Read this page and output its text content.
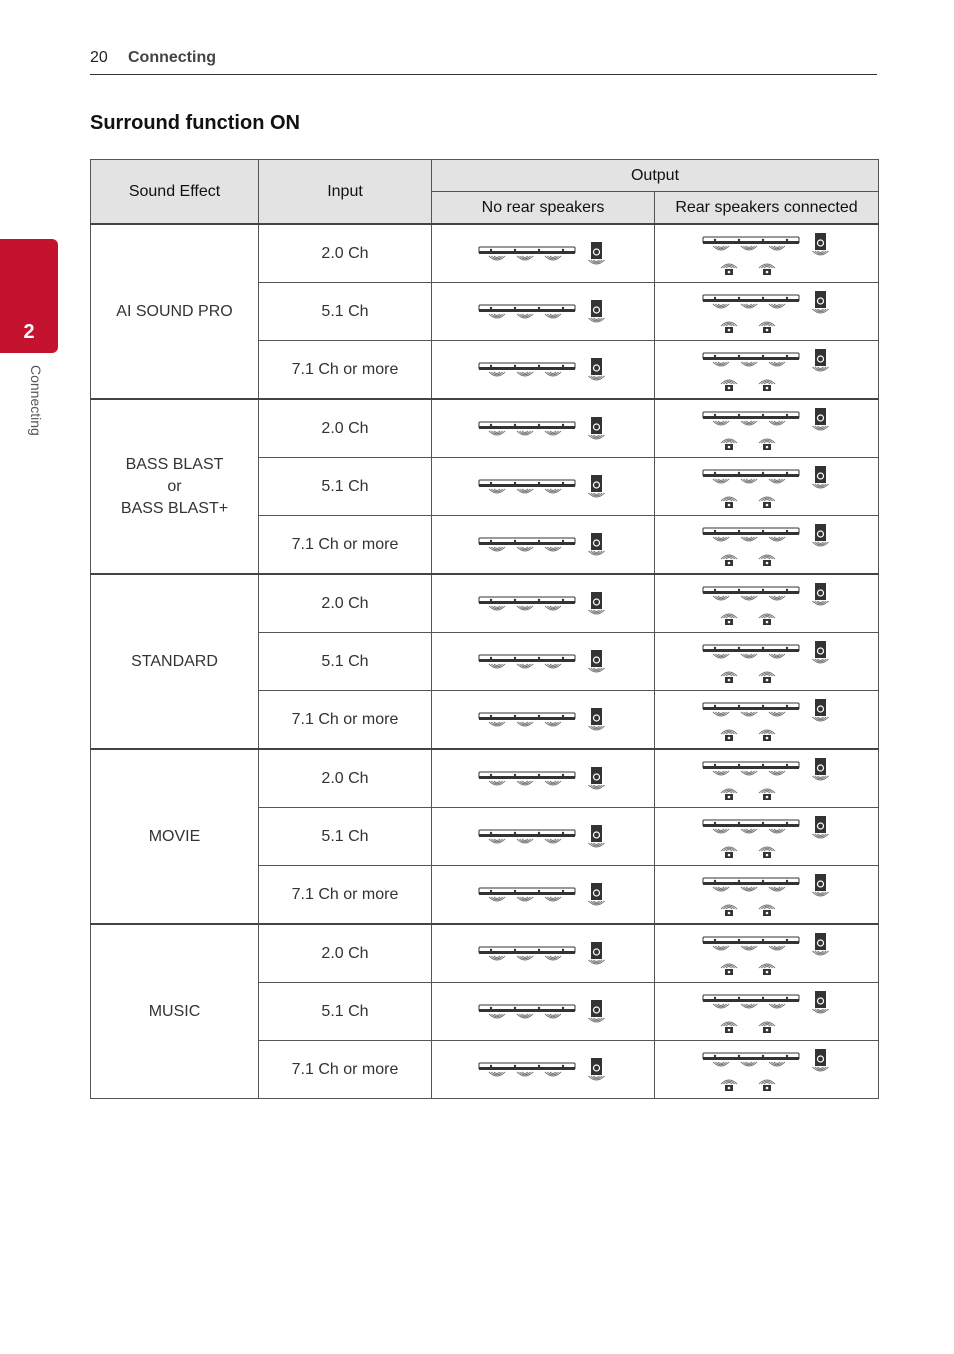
20 Connecting
2
Connecting
Surround function ON
Sound Effect	Input	Output	
		No rear speakers	Rear speakers connected

AI SOUND PRO	2.0 Ch	

	5.1 Ch	

	7.1 Ch or more	

BASS BLAST
or
BASS BLAST+	2.0 Ch	

	5.1 Ch	

	7.1 Ch or more	

STANDARD	2.0 Ch	

	5.1 Ch	

	7.1 Ch or more	

MOVIE	2.0 Ch	

	5.1 Ch	

	7.1 Ch or more	

MUSIC	2.0 Ch	

	5.1 Ch	

	7.1 Ch or more	
